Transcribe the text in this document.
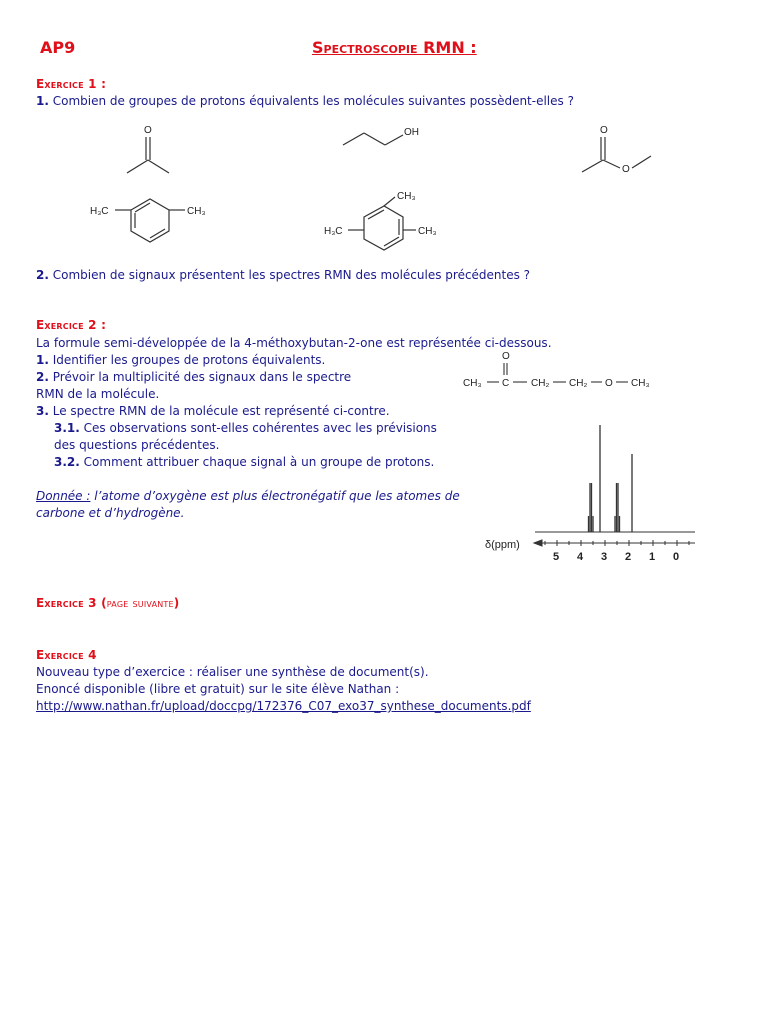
AP9	Spectroscopie RMN :
Exercice 1 :
1. Combien de groupes de protons équivalents les molécules suivantes possèdent-elles ?
O	OH	O
O
H₃C	CH₃
CH₃
H₃C	CH₃
2. Combien de signaux présentent les spectres RMN des molécules précédentes ?
Exercice 2 :
La formule semi-développée de la 4-méthoxybutan-2-one est représentée ci-dessous.
1. Identifier les groupes de protons équivalents.
2. Prévoir la multiplicité des signaux dans le spectre
RMN de la molécule.
3. Le spectre RMN de la molécule est représenté ci-contre.
3.1. Ces observations sont-elles cohérentes avec les prévisions
des questions précédentes.
3.2. Comment attribuer chaque signal à un groupe de protons.
Donnée : l’atome d’oxygène est plus électronégatif que les atomes de
carbone et d’hydrogène.
O
CH₃ C CH₂ CH₂ O CH₃
δ(ppm)
5 4 3 2 1 0
Exercice 3 (page suivante)
Exercice 4
Nouveau type d’exercice : réaliser une synthèse de document(s).
Enoncé disponible (libre et gratuit) sur le site élève Nathan :
http://www.nathan.fr/upload/doccpg/172376_C07_exo37_synthese_documents.pdf
